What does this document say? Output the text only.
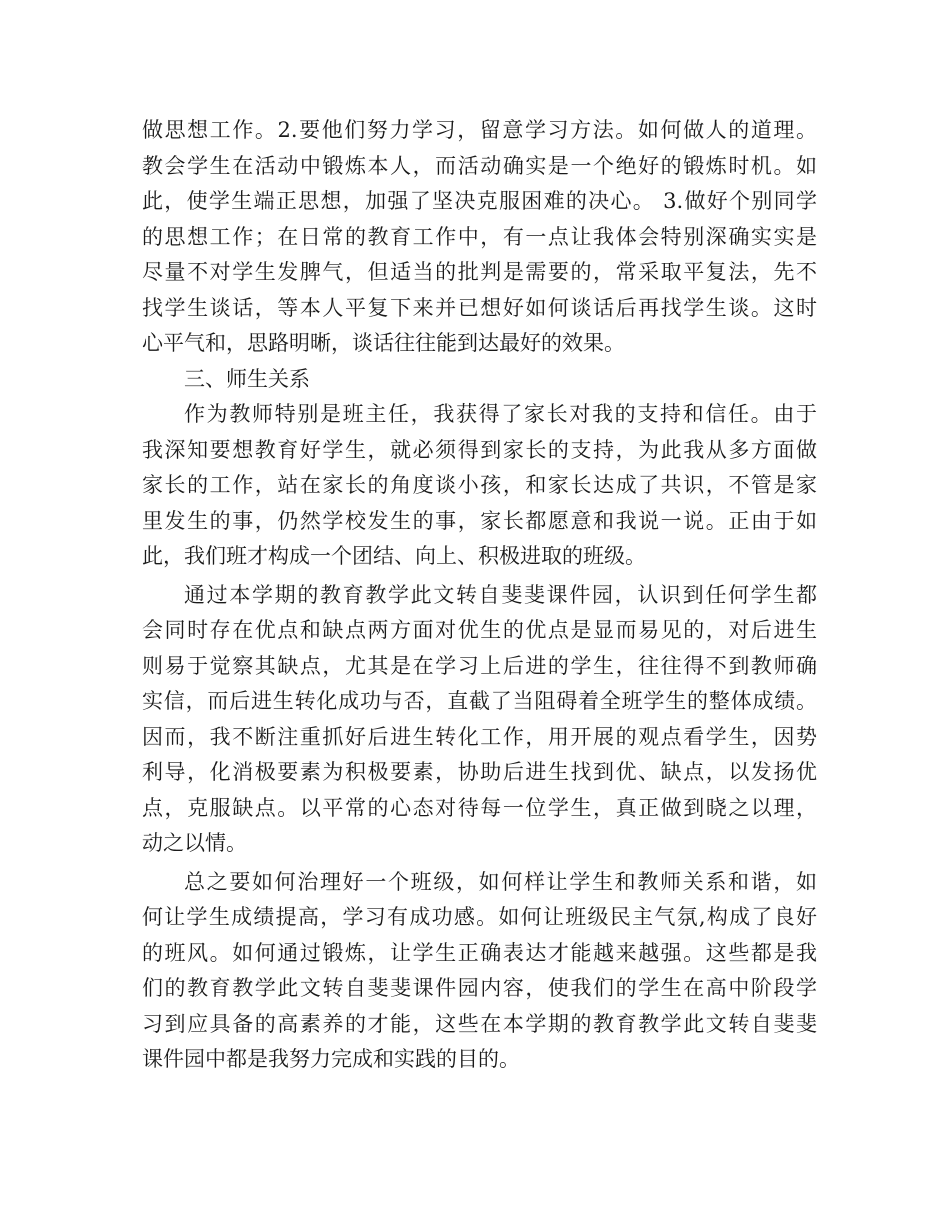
做思想工作。2.要他们努力学习，留意学习方法。如何做人的道理。
教会学生在活动中锻炼本人，而活动确实是一个绝好的锻炼时机。如
此，使学生端正思想，加强了坚决克服困难的决心。 3.做好个别同学
的思想工作；在日常的教育工作中，有一点让我体会特别深确实实是
尽量不对学生发脾气，但适当的批判是需要的，常采取平复法，先不
找学生谈话，等本人平复下来并已想好如何谈话后再找学生谈。这时
心平气和，思路明晰，谈话往往能到达最好的效果。
三、师生关系
作为教师特别是班主任，我获得了家长对我的支持和信任。由于
我深知要想教育好学生，就必须得到家长的支持，为此我从多方面做
家长的工作，站在家长的角度谈小孩，和家长达成了共识，不管是家
里发生的事，仍然学校发生的事，家长都愿意和我说一说。正由于如
此，我们班才构成一个团结、向上、积极进取的班级。
通过本学期的教育教学此文转自斐斐课件园，认识到任何学生都
会同时存在优点和缺点两方面对优生的优点是显而易见的，对后进生
则易于觉察其缺点，尤其是在学习上后进的学生，往往得不到教师确
实信，而后进生转化成功与否，直截了当阻碍着全班学生的整体成绩。
因而，我不断注重抓好后进生转化工作，用开展的观点看学生，因势
利导，化消极要素为积极要素，协助后进生找到优、缺点，以发扬优
点，克服缺点。以平常的心态对待每一位学生，真正做到晓之以理，
动之以情。
总之要如何治理好一个班级，如何样让学生和教师关系和谐，如
何让学生成绩提高，学习有成功感。如何让班级民主气氛,构成了良好
的班风。如何通过锻炼，让学生正确表达才能越来越强。这些都是我
们的教育教学此文转自斐斐课件园内容，使我们的学生在高中阶段学
习到应具备的高素养的才能，这些在本学期的教育教学此文转自斐斐
课件园中都是我努力完成和实践的目的。
